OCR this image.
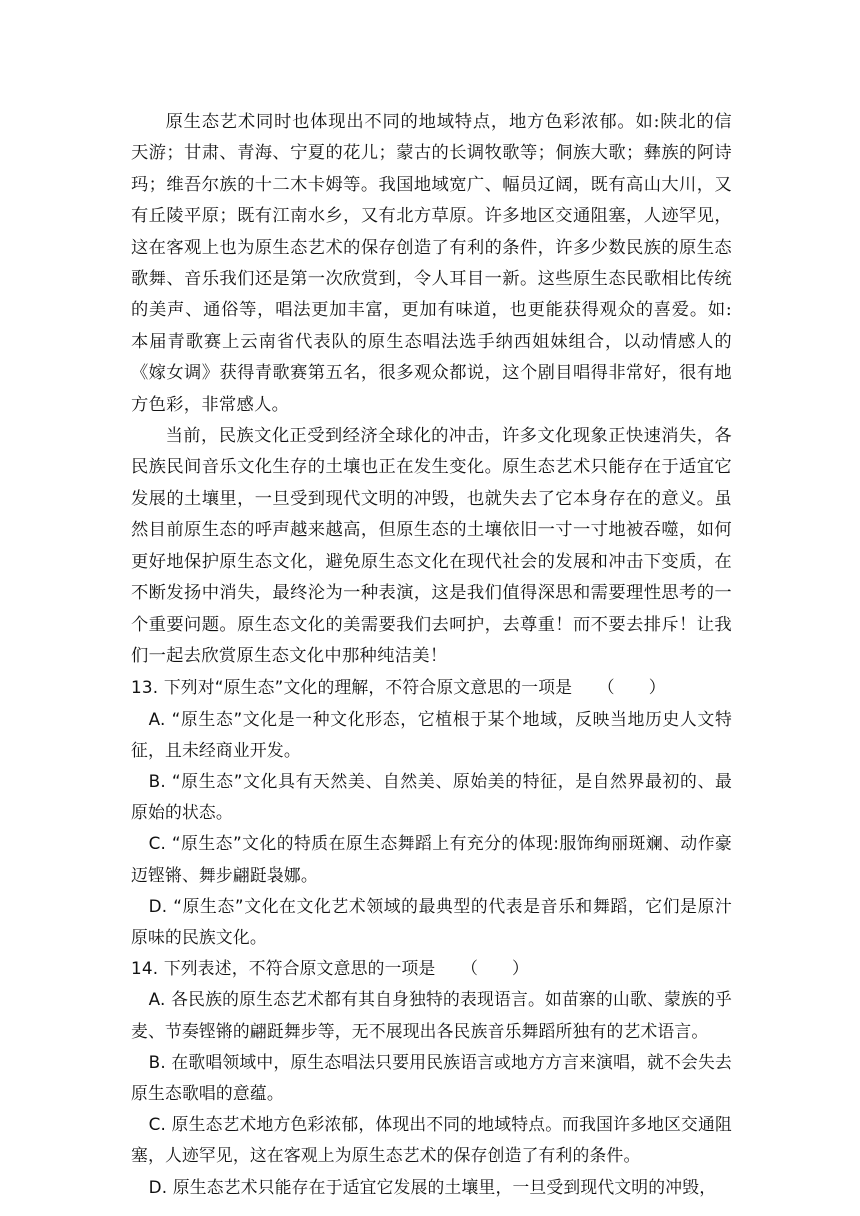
原生态艺术同时也体现出不同的地域特点，地方色彩浓郁。如:陕北的信天游；甘肃、青海、宁夏的花儿；蒙古的长调牧歌等；侗族大歌；彝族的阿诗玛；维吾尔族的十二木卡姆等。我国地域宽广、幅员辽阔，既有高山大川，又有丘陵平原；既有江南水乡，又有北方草原。许多地区交通阻塞，人迹罕见，这在客观上也为原生态艺术的保存创造了有利的条件，许多少数民族的原生态歌舞、音乐我们还是第一次欣赏到，令人耳目一新。这些原生态民歌相比传统的美声、通俗等，唱法更加丰富，更加有味道，也更能获得观众的喜爱。如:本届青歌赛上云南省代表队的原生态唱法选手纳西姐妹组合，以动情感人的《嫁女调》获得青歌赛第五名，很多观众都说，这个剧目唱得非常好，很有地方色彩，非常感人。

当前，民族文化正受到经济全球化的冲击，许多文化现象正快速消失，各民族民间音乐文化生存的土壤也正在发生变化。原生态艺术只能存在于适宜它发展的土壤里，一旦受到现代文明的冲毁，也就失去了它本身存在的意义。虽然目前原生态的呼声越来越高，但原生态的土壤依旧一寸一寸地被吞噬，如何更好地保护原生态文化，避免原生态文化在现代社会的发展和冲击下变质，在不断发扬中消失，最终沦为一种表演，这是我们值得深思和需要理性思考的一个重要问题。原生态文化的美需要我们去呵护，去尊重！而不要去排斥！让我们一起去欣赏原生态文化中那种纯洁美！

13. 下列对“原生态”文化的理解，不符合原文意思的一项是　　（　　）

A. “原生态”文化是一种文化形态，它植根于某个地域，反映当地历史人文特征，且未经商业开发。

B. “原生态”文化具有天然美、自然美、原始美的特征，是自然界最初的、最原始的状态。

C. “原生态”文化的特质在原生态舞蹈上有充分的体现:服饰绚丽斑斓、动作豪迈铿锵、舞步翩跹袅娜。

D. “原生态”文化在文化艺术领域的最典型的代表是音乐和舞蹈，它们是原汁原味的民族文化。

14. 下列表述，不符合原文意思的一项是　　（　　）

A. 各民族的原生态艺术都有其自身独特的表现语言。如苗寨的山歌、蒙族的乎麦、节奏铿锵的翩跹舞步等，无不展现出各民族音乐舞蹈所独有的艺术语言。

B. 在歌唱领域中，原生态唱法只要用民族语言或地方方言来演唱，就不会失去原生态歌唱的意蕴。

C. 原生态艺术地方色彩浓郁，体现出不同的地域特点。而我国许多地区交通阻塞，人迹罕见，这在客观上为原生态艺术的保存创造了有利的条件。

D. 原生态艺术只能存在于适宜它发展的土壤里，一旦受到现代文明的冲毁，
